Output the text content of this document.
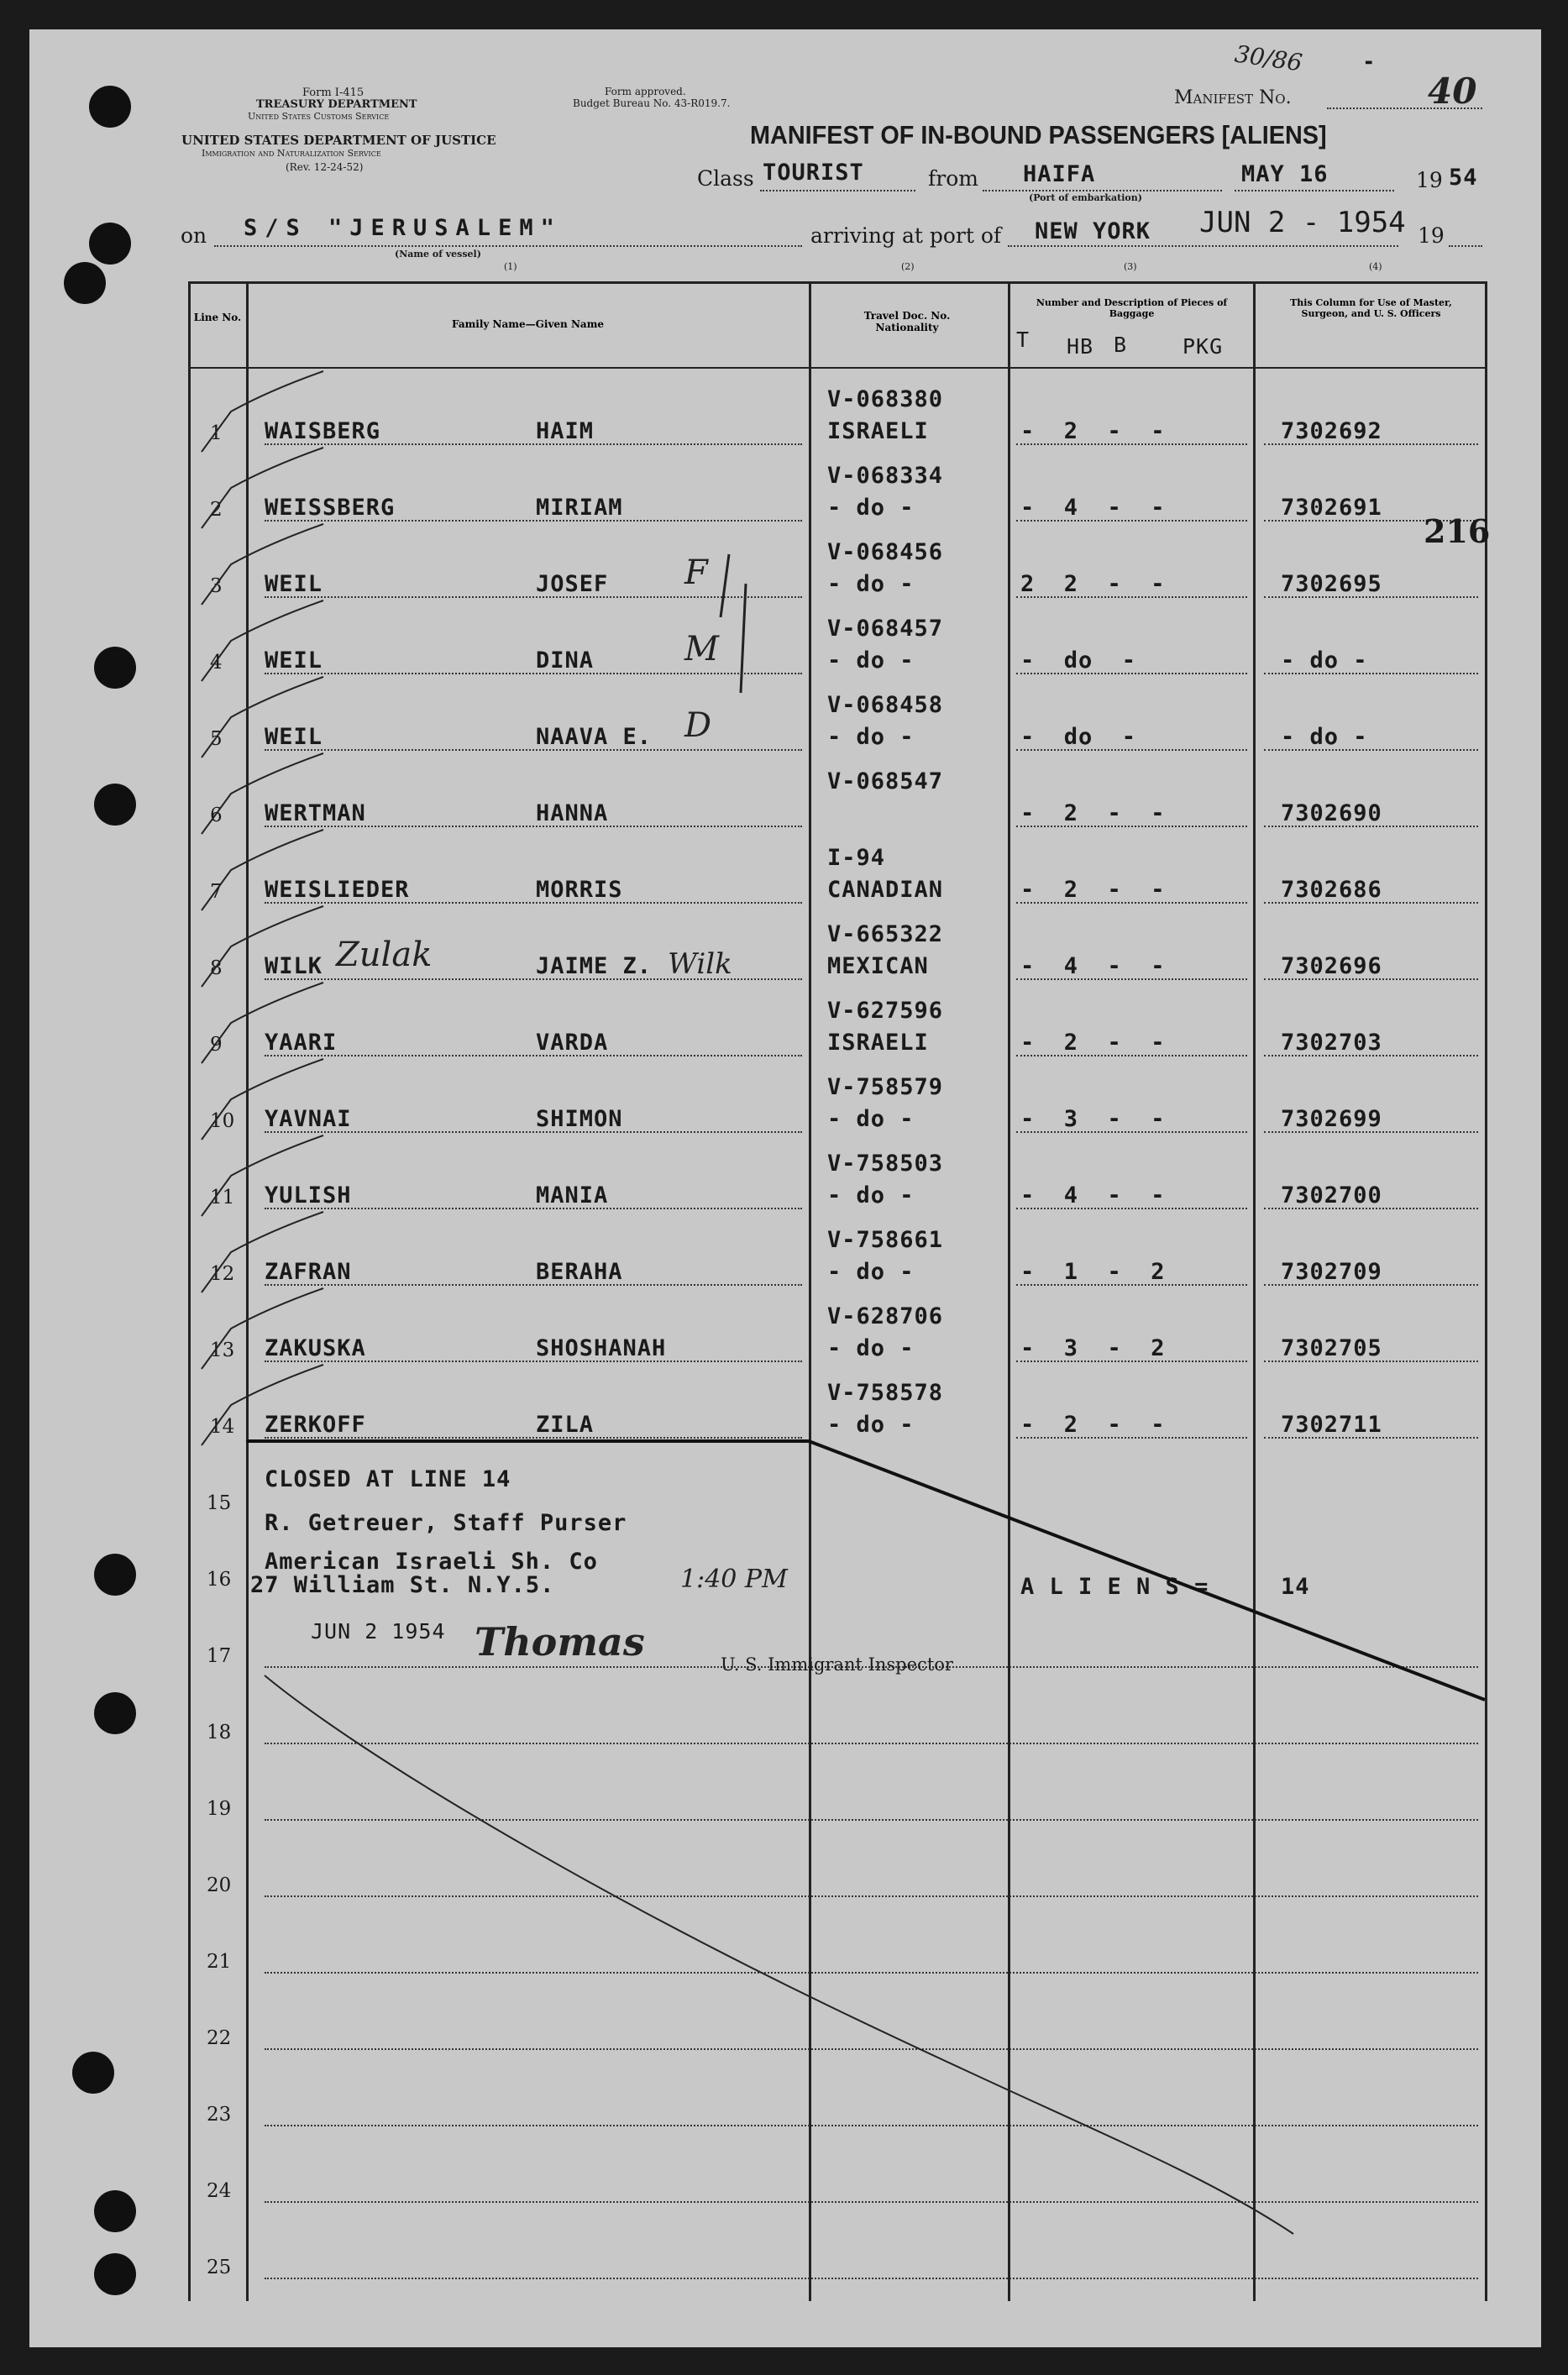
Form I-415
TREASURY DEPARTMENT
United States Customs Service
UNITED STATES DEPARTMENT OF JUSTICE
Immigration and Naturalization Service
(Rev. 12-24-52)
Form approved.
Budget Bureau No. 43-R019.7.
30/86	▬
Manifest No.	40
MANIFEST OF IN-BOUND PASSENGERS [ALIENS]
Class TOURIST	from HAIFA
(Port of embarkation)
MAY 16	19 54
on S/S "JERUSALEM"
(Name of vessel)
arriving at port of NEW YORK JUN 2 - 1954 19
(1)	(2)	(3)	(4)
Line No.
Family Name—Given Name
Travel Doc. No. Nationality
Number and Description of Pieces of Baggage
T HB B	PKG
This Column for Use of Master, Surgeon, and U. S. Officers
1 WAISBERG	HAIM
V-068380
ISRAELI	-  2  -  -	7302692
2 WEISSBERG	MIRIAM
V-068334
- do -	-  4  -  -	7302691
3 WEIL	JOSEF
V-068456
- do -	2  2  -  -	7302695
F
4 WEIL	DINA
V-068457
- do -	-  do  -	- do -
M
5 WEIL	NAAVA E.
V-068458
- do -	-  do  -	- do -
D
6 WERTMAN	HANNA
V-068547
-  2  -  -	7302690
7 WEISLIEDER	MORRIS
I-94
CANADIAN	-  2  -  -	7302686
8 WILK	JAIME Z.
V-665322
MEXICAN	-  4  -  -	7302696
Zulak	Wilk
9 YAARI	VARDA
V-627596
ISRAELI	-  2  -  -	7302703
10 YAVNAI	SHIMON
V-758579
- do -	-  3  -  -	7302699
11 YULISH	MANIA
V-758503
- do -	-  4  -  -	7302700
12 ZAFRAN	BERAHA
V-758661
- do -	-  1  -  2	7302709
13 ZAKUSKA	SHOSHANAH
V-628706
- do -	-  3  -  2	7302705
14 ZERKOFF	ZILA
V-758578
- do -	-  2  -  -	7302711
15
16
17
18
19
20
21
22
23
24
25
CLOSED AT LINE 14
R. Getreuer, Staff Purser
American Israeli Sh. Co
27 William St. N.Y.5.	1:40 PM	A L I E N S =	14
JUN 2 1954 Thomas	U. S. Immigrant Inspector
216
